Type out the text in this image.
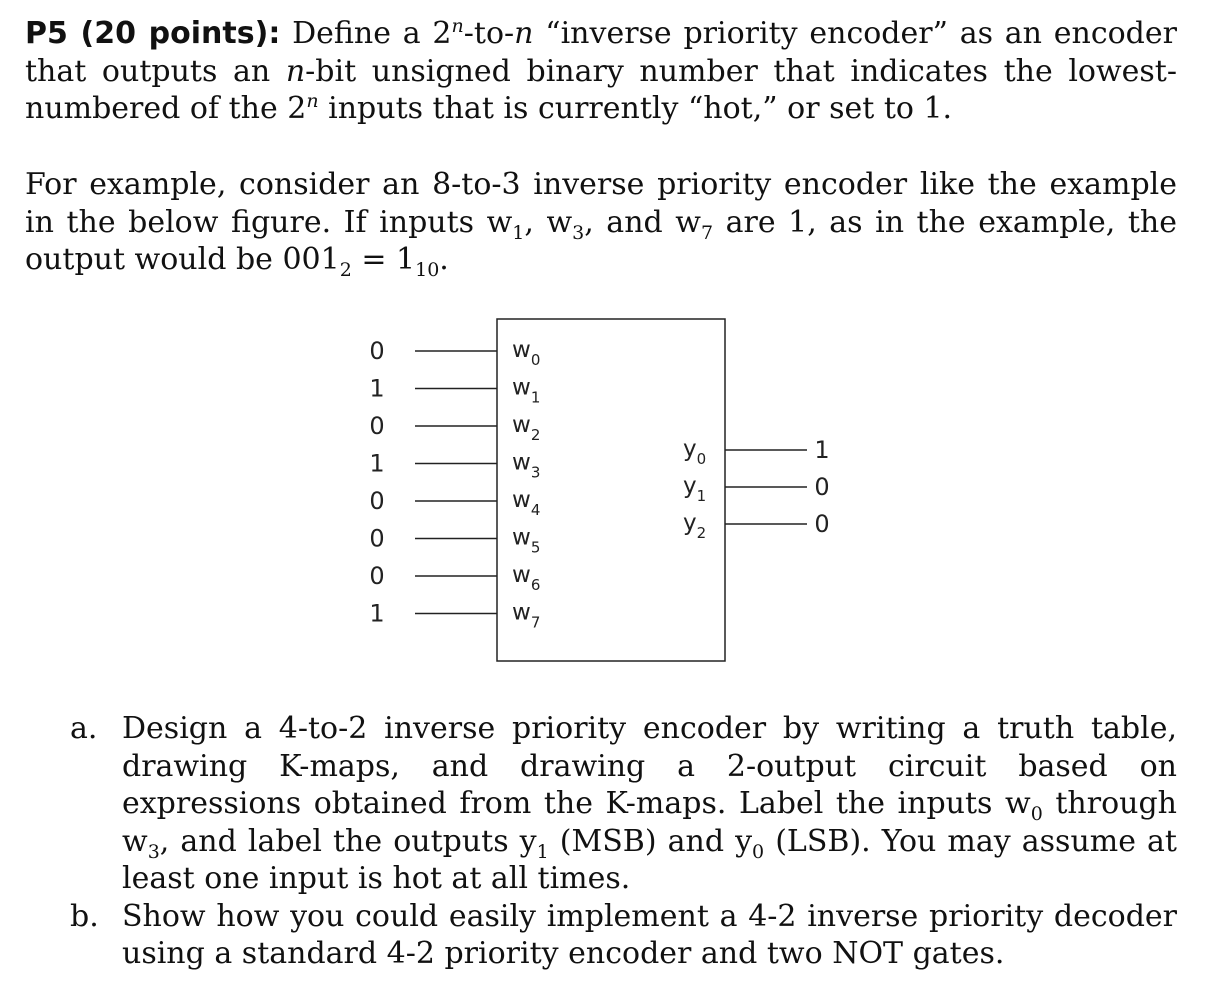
P5 (20 points): Define a 2$^n$-to-n “inverse priority encoder” as an encoder that outputs an n-bit unsigned binary number that indicates the lowest-numbered of the 2$^n$ inputs that is currently “hot,” or set to 1.

For example, consider an 8-to-3 inverse priority encoder like the example in the below figure. If inputs $w_1$, $w_3$, and $w_7$ are 1, as in the example, the output would be $001_2 = 1_{10}$.

0
1
0
1
0
0
0
1
$w_0$
$w_1$
$w_2$
$w_3$
$w_4$
$w_5$
$w_6$
$w_7$
$y_0$
$y_1$
$y_2$
1
0
0
a. Design a 4-to-2 inverse priority encoder by writing a truth table, drawing K-maps, and drawing a 2-output circuit based on expressions obtained from the K-maps. Label the inputs $w_0$ through $w_3$, and label the outputs $y_1$ (MSB) and $y_0$ (LSB). You may assume at least one input is hot at all times.
b. Show how you could easily implement a 4-2 inverse priority decoder using a standard 4-2 priority encoder and two NOT gates.
